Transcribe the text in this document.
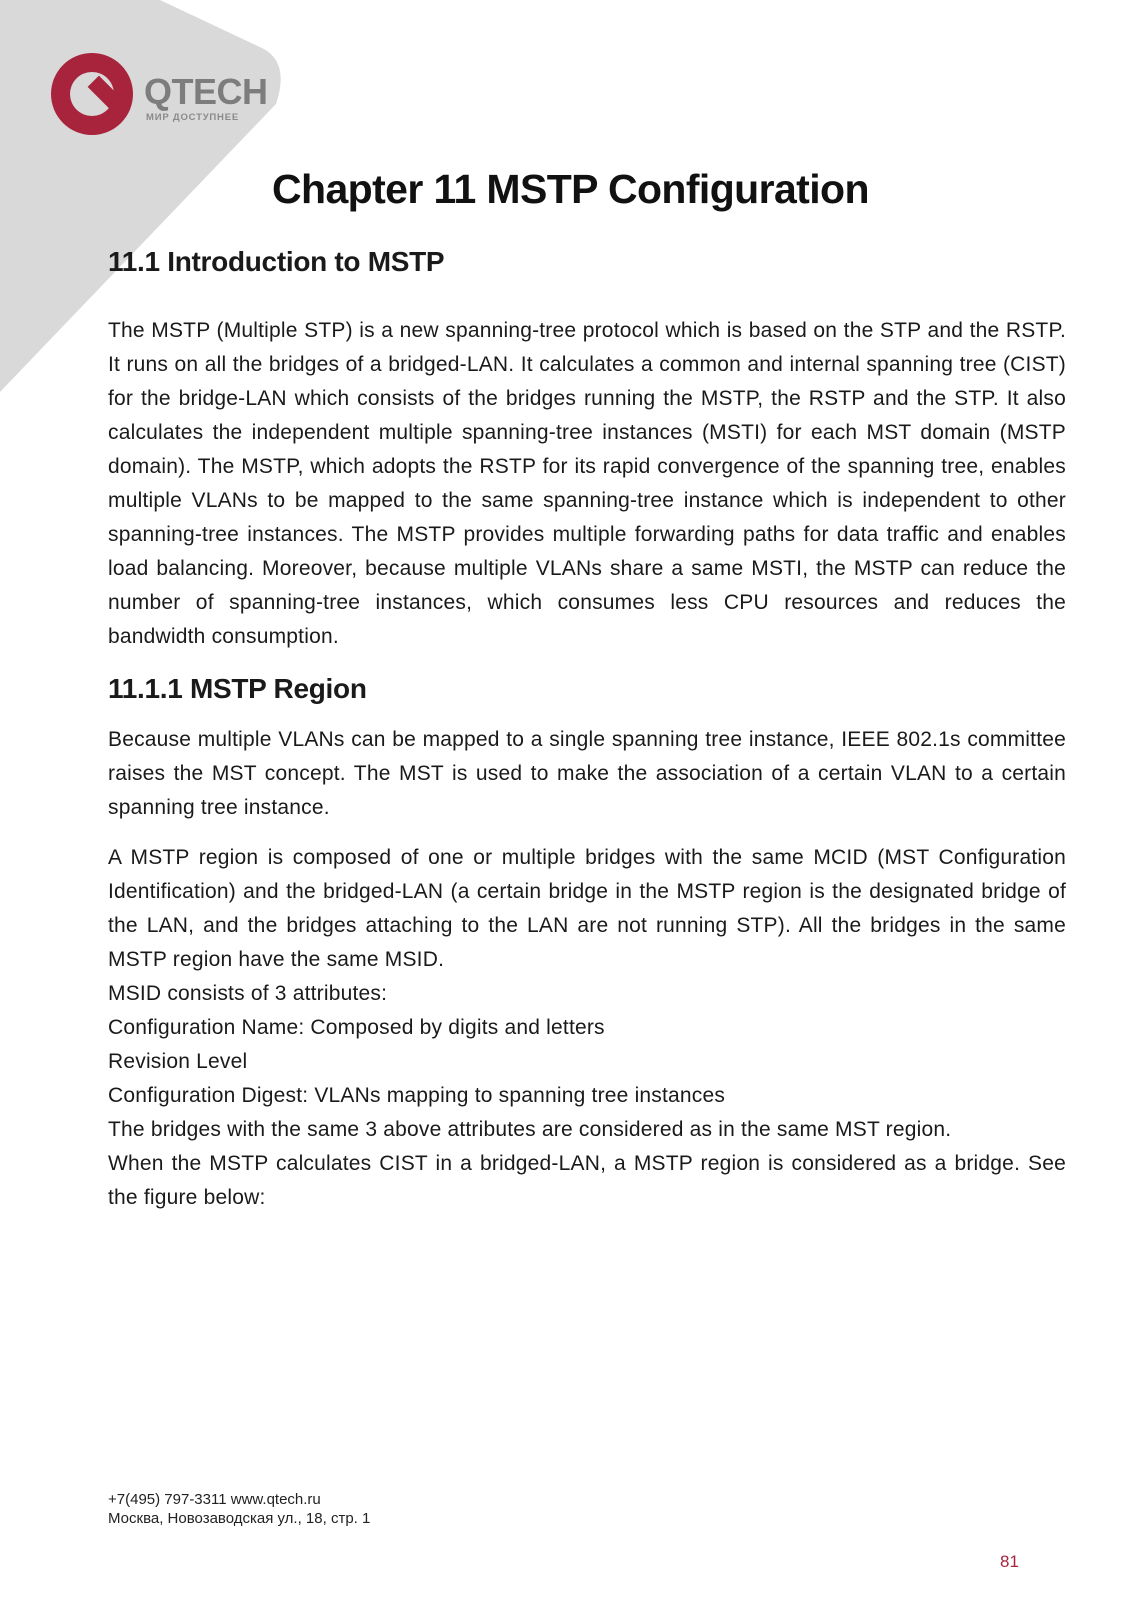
QTECH
МИР ДОСТУПНЕЕ
Chapter 11 MSTP Configuration
11.1 Introduction to MSTP

The MSTP (Multiple STP) is a new spanning-tree protocol which is based on the STP and the RSTP. It runs on all the bridges of a bridged-LAN. It calculates a common and internal spanning tree (CIST) for the bridge-LAN which consists of the bridges running the MSTP, the RSTP and the STP. It also calculates the independent multiple spanning-tree instances (MSTI) for each MST domain (MSTP domain). The MSTP, which adopts the RSTP for its rapid convergence of the spanning tree, enables multiple VLANs to be mapped to the same spanning-tree instance which is independent to other spanning-tree instances. The MSTP provides multiple forwarding paths for data traffic and enables load balancing. Moreover, because multiple VLANs share a same MSTI, the MSTP can reduce the number of spanning-tree instances, which consumes less CPU resources and reduces the bandwidth consumption.

11.1.1 MSTP Region

Because multiple VLANs can be mapped to a single spanning tree instance, IEEE 802.1s committee raises the MST concept. The MST is used to make the association of a certain VLAN to a certain spanning tree instance.

A MSTP region is composed of one or multiple bridges with the same MCID (MST Configuration Identification) and the bridged-LAN (a certain bridge in the MSTP region is the designated bridge of the LAN, and the bridges attaching to the LAN are not running STP). All the bridges in the same MSTP region have the same MSID.

MSID consists of 3 attributes:

Configuration Name: Composed by digits and letters

Revision Level

Configuration Digest: VLANs mapping to spanning tree instances

The bridges with the same 3 above attributes are considered as in the same MST region.

When the MSTP calculates CIST in a bridged-LAN, a MSTP region is considered as a bridge. See the figure below:

+7(495) 797-3311 www.qtech.ru
Москва, Новозаводская ул., 18, стр. 1
81
